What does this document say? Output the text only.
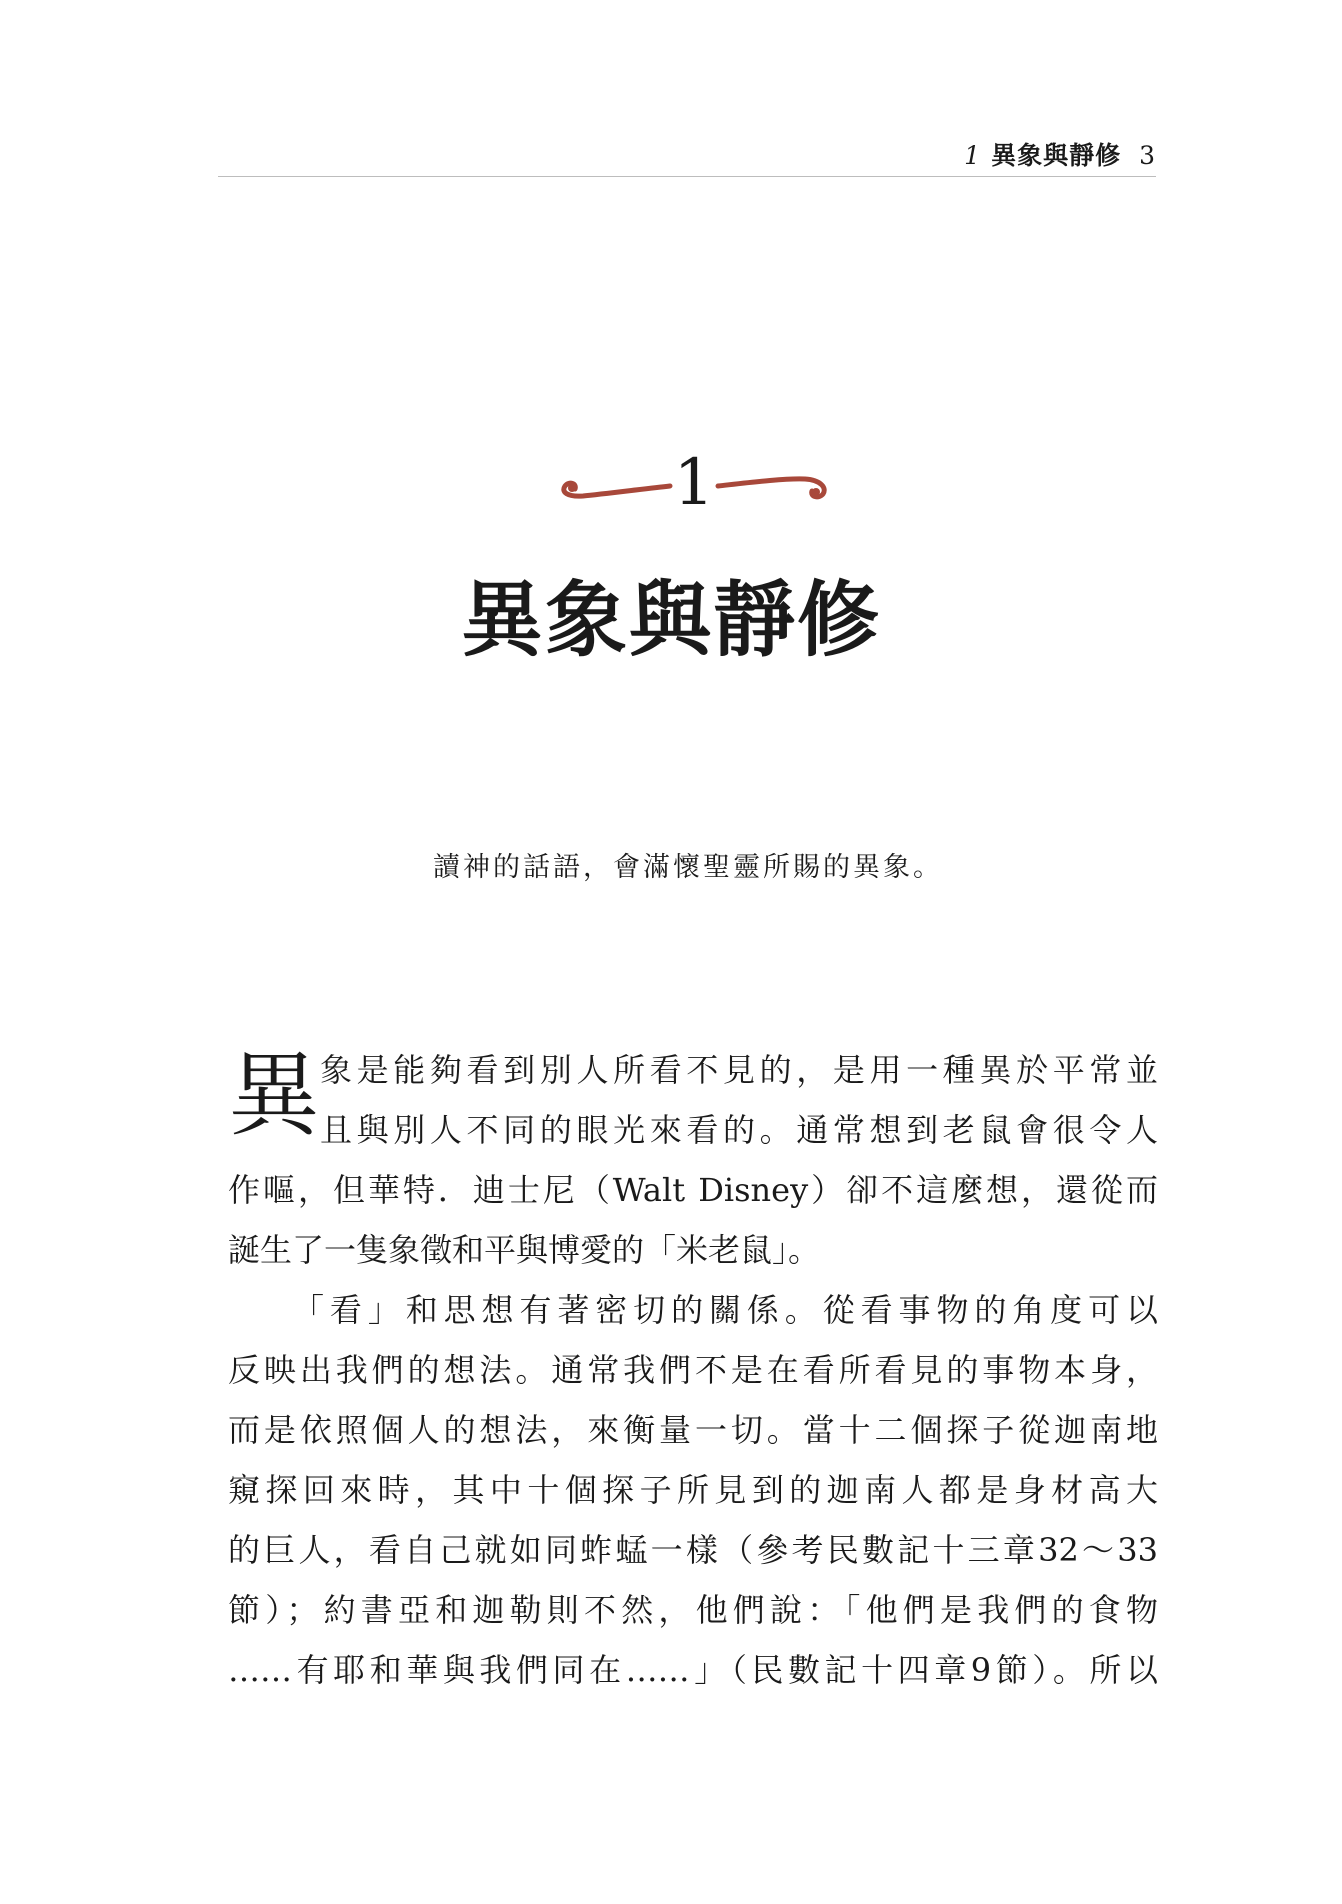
1 異象與靜修 3
1
異象與靜修
讀神的話語，會滿懷聖靈所賜的異象。
異 象是能夠看到別人所看不見的，是用一種異於平常並
且與別人不同的眼光來看的。通常想到老鼠會很令人
作嘔，但華特．迪士尼（Walt Disney）卻不這麼想，還從而
誕生了一隻象徵和平與博愛的「米老鼠」。
「看」和思想有著密切的關係。從看事物的角度可以
反映出我們的想法。通常我們不是在看所看見的事物本身，
而是依照個人的想法，來衡量一切。當十二個探子從迦南地
窺探回來時，其中十個探子所見到的迦南人都是身材高大
的巨人，看自己就如同蚱蜢一樣（參考民數記十三章32～33
節）；約書亞和迦勒則不然，他們說：「他們是我們的食物
……有耶和華與我們同在……」（民數記十四章9節）。所以
